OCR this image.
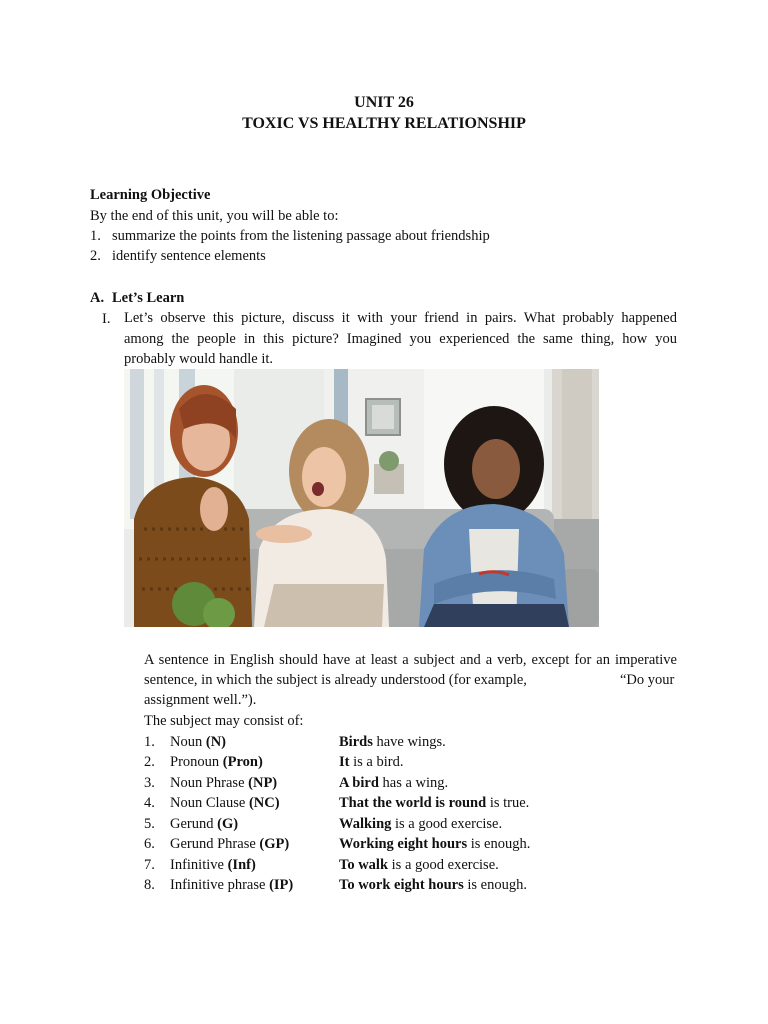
UNIT 26
TOXIC VS HEALTHY RELATIONSHIP
Learning Objective
By the end of this unit, you will be able to:
1. summarize the points from the listening passage about friendship
2. identify sentence elements
A. Let’s Learn
I. Let’s observe this picture, discuss it with your friend in pairs. What probably happened
among the people in this picture? Imagined you experienced the same thing, how you
probably would handle it.
A sentence in English should have at least a subject and a verb, except for an imperative
sentence, in which the subject is already understood (for example,	“Do your
assignment well.”).
The subject may consist of:
1. Noun (N)	Birds have wings.
2. Pronoun (Pron)	It is a bird.
3. Noun Phrase (NP)	A bird has a wing.
4. Noun Clause (NC)	That the world is round is true.
5. Gerund (G)	Walking is a good exercise.
6. Gerund Phrase (GP)	Working eight hours is enough.
7. Infinitive (Inf)	To walk is a good exercise.
8. Infinitive phrase (IP)	To work eight hours is enough.
